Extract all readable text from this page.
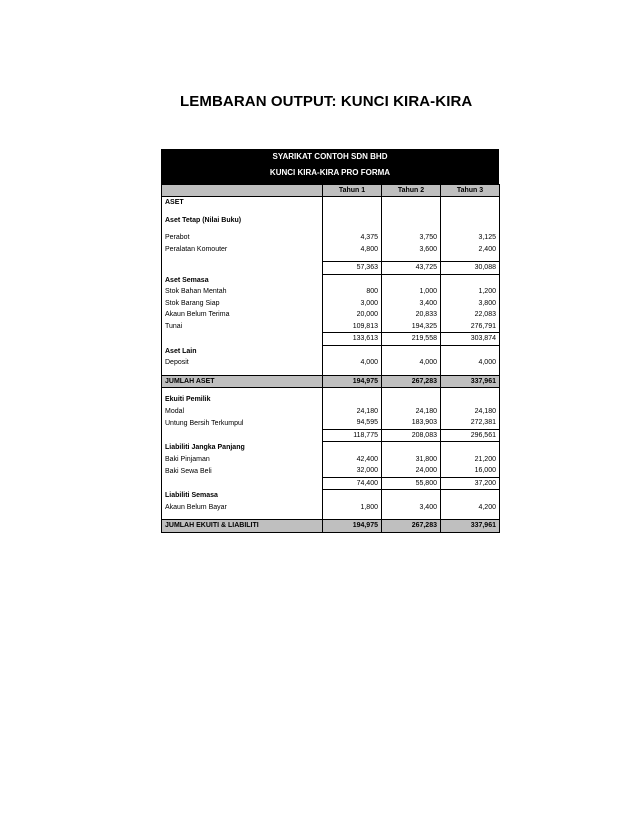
LEMBARAN OUTPUT: KUNCI KIRA-KIRA
SYARIKAT CONTOH SDN BHD
KUNCI KIRA-KIRA PRO FORMA
	Tahun 1	Tahun 2	Tahun 3
ASET			

Aset Tetap (Nilai Buku)			

Perabot	4,375	3,750	3,125
Peralatan Komouter	4,800	3,600	2,400

	57,363	43,725	30,088
Aset Semasa			
Stok Bahan Mentah	800	1,000	1,200
Stok Barang Siap	3,000	3,400	3,800
Akaun Belum Terima	20,000	20,833	22,083
Tunai	109,813	194,325	276,791
	133,613	219,558	303,874
Aset Lain			
Deposit	4,000	4,000	4,000

JUMLAH ASET	194,975	267,283	337,961

Ekuiti Pemilik			
Modal	24,180	24,180	24,180
Untung Bersih Terkumpul	94,595	183,903	272,381
	118,775	208,083	296,561
Liabiliti Jangka Panjang			
Baki Pinjaman	42,400	31,800	21,200
Baki Sewa Beli	32,000	24,000	16,000
	74,400	55,800	37,200
Liabiliti Semasa			
Akaun Belum Bayar	1,800	3,400	4,200

JUMLAH EKUITI & LIABILITI	194,975	267,283	337,961
